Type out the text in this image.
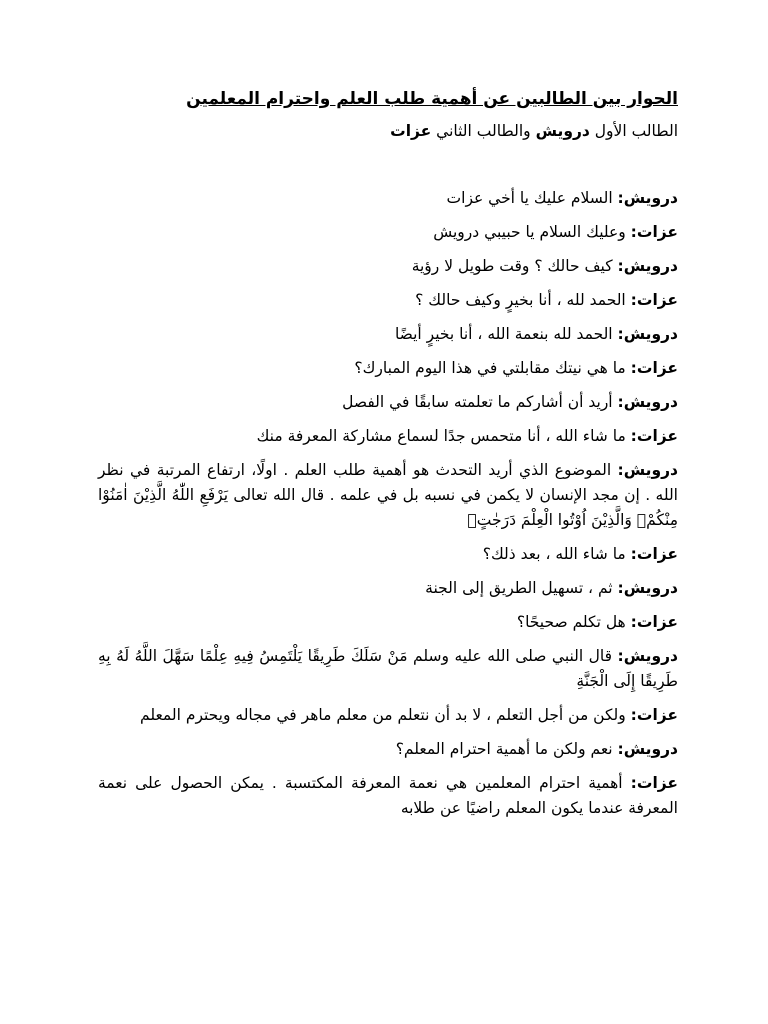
الحوار بين الطالبين عن أهمية طلب العلم واحترام المعلمين
الطالب الأول درويش والطالب الثاني عزات
درويش: السلام عليك يا أخي عزات
عزات: وعليك السلام يا حبيبي درويش
درويش: كيف حالك ؟ وقت طويل لا رؤية
عزات: الحمد لله ، أنا بخيرٍ وكيف حالك ؟
درويش: الحمد لله بنعمة الله ، أنا بخيرٍ أيضًا
عزات: ما هي نيتك مقابلتي في هذا اليوم المبارك؟
درويش: أريد أن أشاركم ما تعلمته سابقًا في الفصل
عزات: ما شاء الله ، أنا متحمس جدًا لسماع مشاركة المعرفة منك
درويش: الموضوع الذي أريد التحدث هو أهمية طلب العلم . اولًا، ارتفاع المرتبة في نظر الله . إن مجد الإنسان لا يكمن في نسبه بل في علمه . قال الله تعالى يَرْفَعِ اللّٰهُ الَّذِيْنَ اٰمَنُوْا مِنْكُمْۙ وَالَّذِيْنَ اُوْتُوا الْعِلْمَ دَرَجٰتٍۗ
عزات: ما شاء الله ، بعد ذلك؟
درويش: ثم ، تسهيل الطريق إلى الجنة
عزات: هل تكلم صحيحًا؟
درويش: قال النبي صلى الله عليه وسلم مَنْ سَلَكَ طَرِيقًا يَلْتَمِسُ فِيهِ عِلْمًا سَهَّلَ اللَّهُ لَهُ بِهِ طَرِيقًا إِلَى الْجَنَّةِ
عزات: ولكن من أجل التعلم ، لا بد أن نتعلم من معلم ماهر في مجاله ويحترم المعلم
درويش: نعم ولكن ما أهمية احترام المعلم؟
عزات: أهمية احترام المعلمين هي نعمة المعرفة المكتسبة . يمكن الحصول على نعمة المعرفة عندما يكون المعلم راضيًا عن طلابه
